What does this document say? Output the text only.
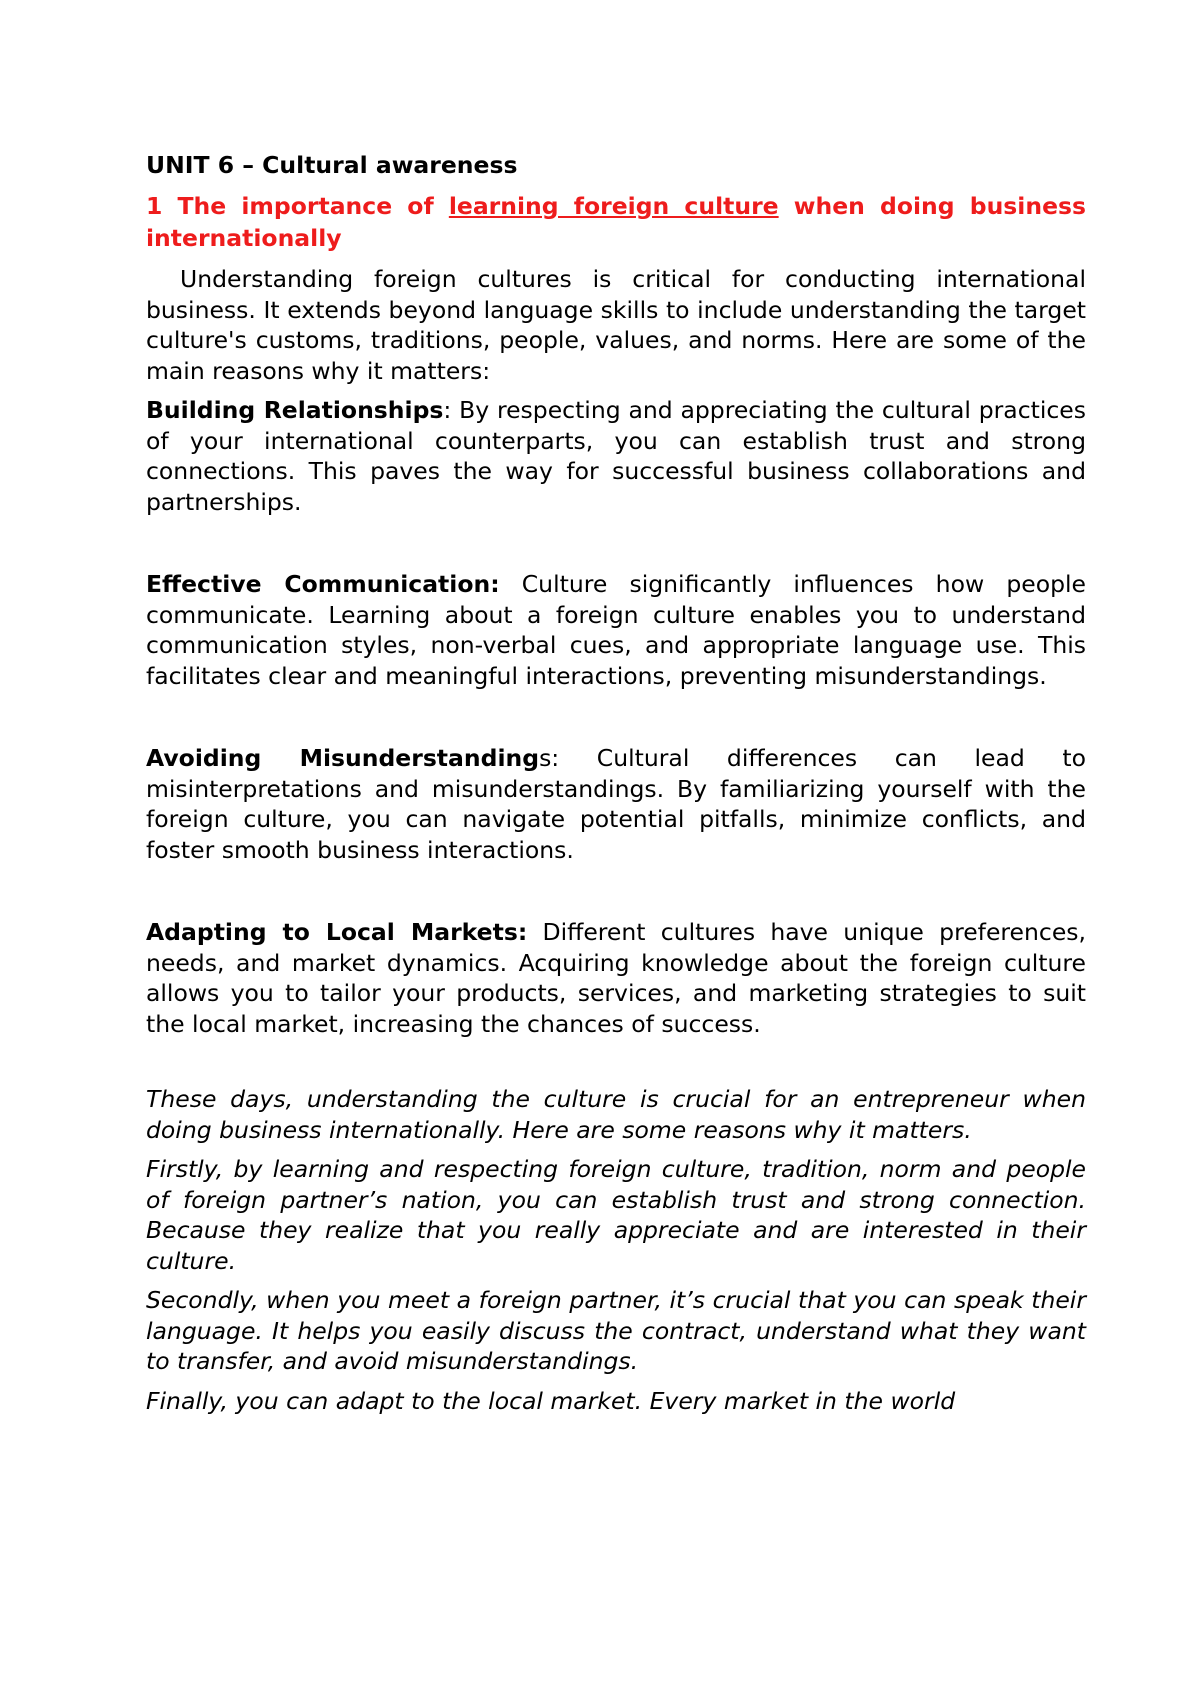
UNIT 6 – Cultural awareness
1 The importance of learning foreign culture when doing business internationally

Understanding foreign cultures is critical for conducting international business. It extends beyond language skills to include understanding the target culture's customs, traditions, people, values, and norms. Here are some of the main reasons why it matters:

Building Relationships: By respecting and appreciating the cultural practices of your international counterparts, you can establish trust and strong connections. This paves the way for successful business collaborations and partnerships.

Effective Communication: Culture significantly influences how people communicate. Learning about a foreign culture enables you to understand communication styles, non-verbal cues, and appropriate language use. This facilitates clear and meaningful interactions, preventing misunderstandings.

Avoiding Misunderstandings: Cultural differences can lead to misinterpretations and misunderstandings. By familiarizing yourself with the foreign culture, you can navigate potential pitfalls, minimize conflicts, and foster smooth business interactions.

Adapting to Local Markets: Different cultures have unique preferences, needs, and market dynamics. Acquiring knowledge about the foreign culture allows you to tailor your products, services, and marketing strategies to suit the local market, increasing the chances of success.

These days, understanding the culture is crucial for an entrepreneur when doing business internationally. Here are some reasons why it matters.

Firstly, by learning and respecting foreign culture, tradition, norm and people of foreign partner’s nation, you can establish trust and strong connection. Because they realize that you really appreciate and are interested in their culture.

Secondly, when you meet a foreign partner, it’s crucial that you can speak their language. It helps you easily discuss the contract, understand what they want to transfer, and avoid misunderstandings.

Finally, you can adapt to the local market. Every market in the world
